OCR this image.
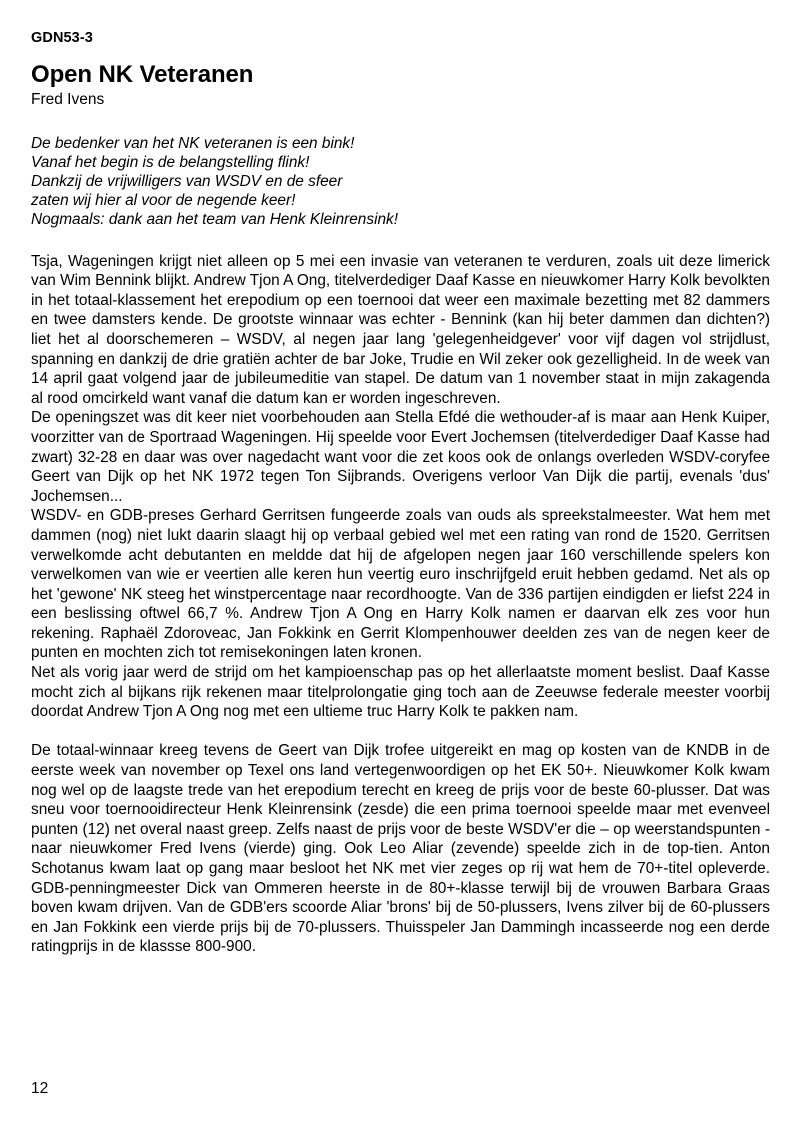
GDN53-3
Open NK Veteranen
Fred Ivens
De bedenker van het NK veteranen is een bink!
Vanaf het begin is de belangstelling flink!
Dankzij de vrijwilligers van WSDV en de sfeer
zaten wij hier al voor de negende keer!
Nogmaals: dank aan het team van Henk Kleinrensink!

Tsja, Wageningen krijgt niet alleen op 5 mei een invasie van veteranen te verduren, zoals uit deze limerick van Wim Bennink blijkt. Andrew Tjon A Ong, titelverdediger Daaf Kasse en nieuwkomer Harry Kolk bevolkten in het totaal-klassement het erepodium op een toernooi dat weer een maximale bezetting met 82 dammers en twee damsters kende. De grootste winnaar was echter - Bennink (kan hij beter dammen dan dichten?) liet het al doorschemeren – WSDV, al negen jaar lang 'gelegenheidgever' voor vijf dagen vol strijdlust, spanning en dankzij de drie gratiën achter de bar Joke, Trudie en Wil zeker ook gezelligheid. In de week van 14 april gaat volgend jaar de jubileumeditie van stapel. De datum van 1 november staat in mijn zakagenda al rood omcirkeld want vanaf die datum kan er worden ingeschreven.

De openingszet was dit keer niet voorbehouden aan Stella Efdé die wethouder-af is maar aan Henk Kuiper, voorzitter van de Sportraad Wageningen. Hij speelde voor Evert Jochemsen (titelverdediger Daaf Kasse had zwart) 32-28 en daar was over nagedacht want voor die zet koos ook de onlangs overleden WSDV-coryfee Geert van Dijk op het NK 1972 tegen Ton Sijbrands. Overigens verloor Van Dijk die partij, evenals 'dus' Jochemsen...

WSDV- en GDB-preses Gerhard Gerritsen fungeerde zoals van ouds als spreekstalmeester. Wat hem met dammen (nog) niet lukt daarin slaagt hij op verbaal gebied wel met een rating van rond de 1520. Gerritsen verwelkomde acht debutanten en meldde dat hij de afgelopen negen jaar 160 verschillende spelers kon verwelkomen van wie er veertien alle keren hun veertig euro inschrijfgeld eruit hebben gedamd. Net als op het 'gewone' NK steeg het winstpercentage naar recordhoogte. Van de 336 partijen eindigden er liefst 224 in een beslissing oftwel 66,7 %. Andrew Tjon A Ong en Harry Kolk namen er daarvan elk zes voor hun rekening. Raphaël Zdoroveac, Jan Fokkink en Gerrit Klompenhouwer deelden zes van de negen keer de punten en mochten zich tot remisekoningen laten kronen.

Net als vorig jaar werd de strijd om het kampioenschap pas op het allerlaatste moment beslist. Daaf Kasse mocht zich al bijkans rijk rekenen maar titelprolongatie ging toch aan de Zeeuwse federale meester voorbij doordat Andrew Tjon A Ong nog met een ultieme truc Harry Kolk te pakken nam.

De totaal-winnaar kreeg tevens de Geert van Dijk trofee uitgereikt en mag op kosten van de KNDB in de eerste week van november op Texel ons land vertegenwoordigen op het EK 50+. Nieuwkomer Kolk kwam nog wel op de laagste trede van het erepodium terecht en kreeg de prijs voor de beste 60-plusser. Dat was sneu voor toernooidirecteur Henk Kleinrensink (zesde) die een prima toernooi speelde maar met evenveel punten (12) net overal naast greep. Zelfs naast de prijs voor de beste WSDV'er die – op weerstandspunten - naar nieuwkomer Fred Ivens (vierde) ging. Ook Leo Aliar (zevende) speelde zich in de top-tien. Anton Schotanus kwam laat op gang maar besloot het NK met vier zeges op rij wat hem de 70+-titel opleverde. GDB-penningmeester Dick van Ommeren heerste in de 80+-klasse terwijl bij de vrouwen Barbara Graas boven kwam drijven. Van de GDB'ers scoorde Aliar 'brons' bij de 50-plussers, Ivens zilver bij de 60-plussers en Jan Fokkink een vierde prijs bij de 70-plussers. Thuisspeler Jan Dammingh incasseerde nog een derde ratingprijs in de klassse 800-900.

12
